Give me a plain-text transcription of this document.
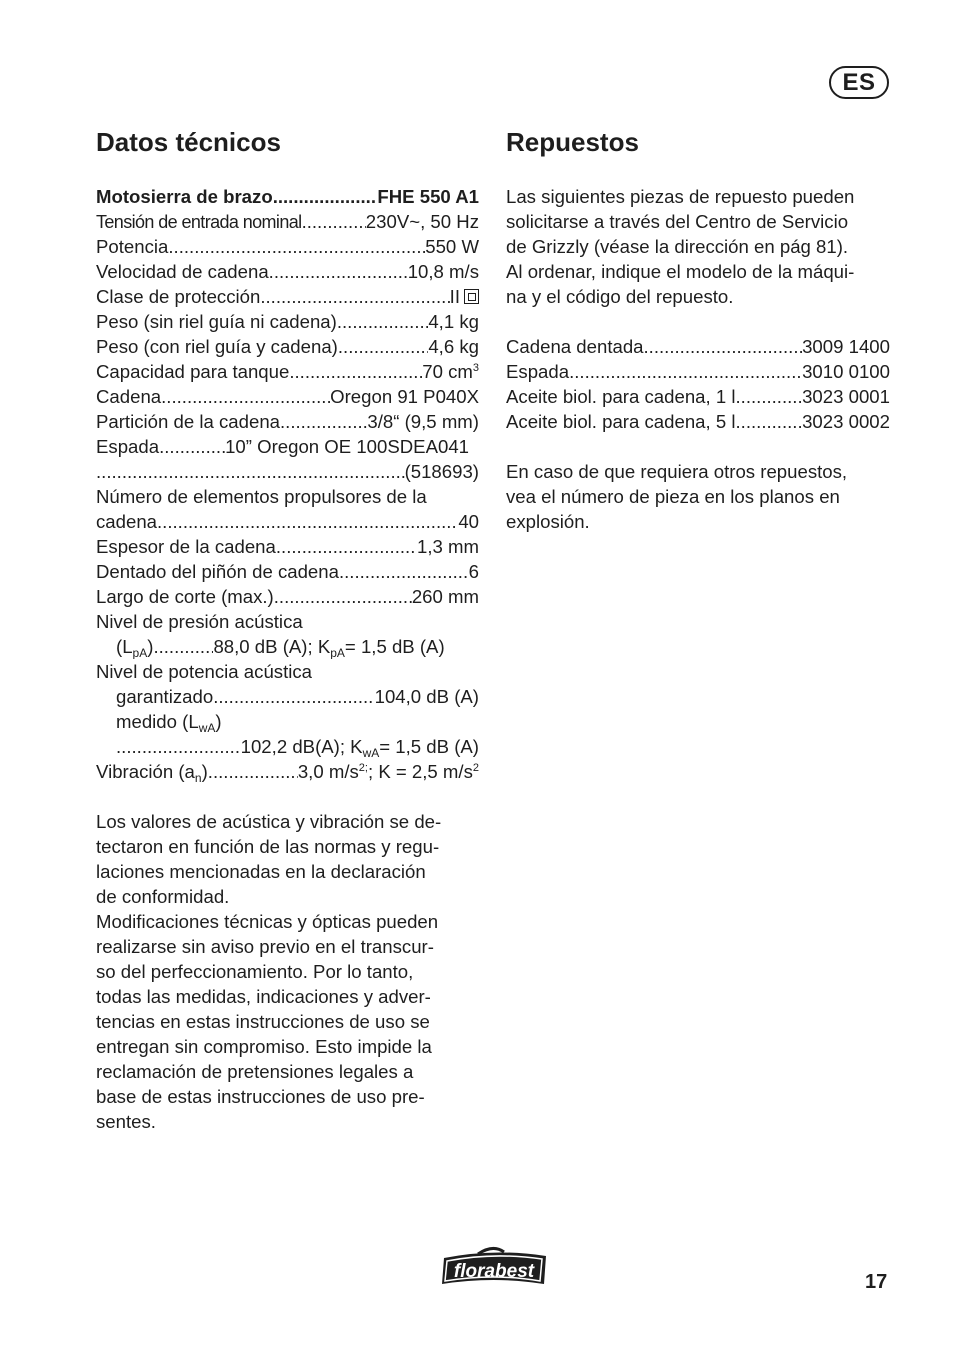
ES
Datos técnicos	Repuestos
Motosierra de brazo .....	FHE 550 A1
Tensión de entrada nominal .....	230V~, 50 Hz
Potencia .....	550 W
Velocidad de cadena .....	10,8 m/s
Clase de protección .....	II
Peso (sin riel guía ni cadena) .....	4,1 kg
Peso (con riel guía y cadena) .....	4,6 kg
Capacidad para tanque .....	70 $cm^3$
Cadena .....	Oregon 91 P040X
Partición de la cadena .....	3/8“ (9,5 mm)
Espada .....	10” Oregon OE 100SDEA041
.....
(518693)
Número de elementos propulsores de la
cadena .....	40
Espesor de la cadena .....	1,3 mm
Dentado del piñón de cadena .....	6
Largo de corte (max.) .....	260 mm
Nivel de presión acústica
$(L_{pA})$ .....	88,0 dB (A); $K_{pA}= 1,5$ dB (A)
Nivel de potencia acústica
garantizado .....	104,0 dB (A)
medido $(L_{wA})$
.....
102,2 dB(A); $K_{wA}= 1,5$ dB (A)
Vibración $(a_n)$ .....	3,0 $m/s^{2;}$; K = 2,5 $m/s^2$

Los valores de acústica y vibración se de-

tectaron en función de las normas y regu-

laciones mencionadas en la declaración

de conformidad.

Modificaciones técnicas y ópticas pueden

realizarse sin aviso previo en el transcur-

so del perfeccionamiento. Por lo tanto,

todas las medidas, indicaciones y adver-

tencias en estas instrucciones de uso se

entregan sin compromiso. Esto impide la

reclamación de pretensiones legales a

base de estas instrucciones de uso pre-

sentes.

Las siguientes piezas de repuesto pueden

solicitarse a través del Centro de Servicio

de Grizzly (véase la dirección en pág 81).

Al ordenar, indique el modelo de la máqui-

na y el código del repuesto.

Cadena dentada .....	3009 1400
Espada .....	3010 0100
Aceite biol. para cadena, 1 l .....	3023 0001
Aceite biol. para cadena, 5 l .....	3023 0002

En caso de que requiera otros repuestos,

vea el número de pieza en los planos en

explosión.

florabest	17
